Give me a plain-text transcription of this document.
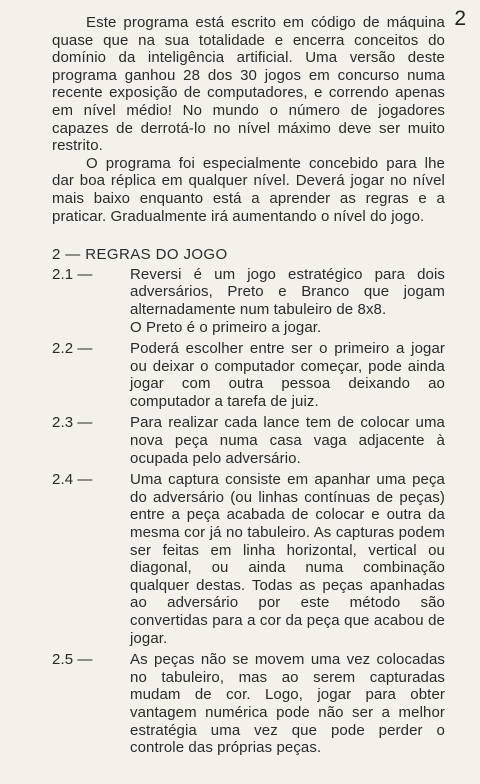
2

Este programa está escrito em código de máquina quase que na sua totalidade e encerra conceitos do domínio da inteligência artificial. Uma versão deste programa ganhou 28 dos 30 jogos em concurso numa recente exposição de computadores, e correndo apenas em nível médio! No mundo o número de jogadores capazes de derrotá-lo no nível máximo deve ser muito restrito.

O programa foi especialmente concebido para lhe dar boa réplica em qualquer nível. Deverá jogar no nível mais baixo enquanto está a aprender as regras e a praticar. Gradualmente irá aumentando o nível do jogo.

2 — REGRAS DO JOGO
2.1 —	Reversi é um jogo estratégico para dois adversários, Preto e Branco que jogam alternadamente num tabuleiro de 8x8.

O Preto é o primeiro a jogar.

2.2 —	Poderá escolher entre ser o primeiro a jogar ou deixar o computador começar, pode ainda jogar com outra pessoa deixando ao computador a tarefa de juiz.

2.3 —	Para realizar cada lance tem de colocar uma nova peça numa casa vaga adjacente à ocupada pelo adversário.

2.4 —	Uma captura consiste em apanhar uma peça do adversário (ou linhas contínuas de peças) entre a peça acabada de colocar e outra da mesma cor já no tabuleiro. As capturas podem ser feitas em linha horizontal, vertical ou diagonal, ou ainda numa combinação qualquer destas. Todas as peças apanhadas ao adversário por este método são convertidas para a cor da peça que acabou de jogar.

2.5 —	As peças não se movem uma vez colocadas no tabuleiro, mas ao serem capturadas mudam de cor. Logo, jogar para obter vantagem numérica pode não ser a melhor estratégia uma vez que pode perder o controle das próprias peças.
